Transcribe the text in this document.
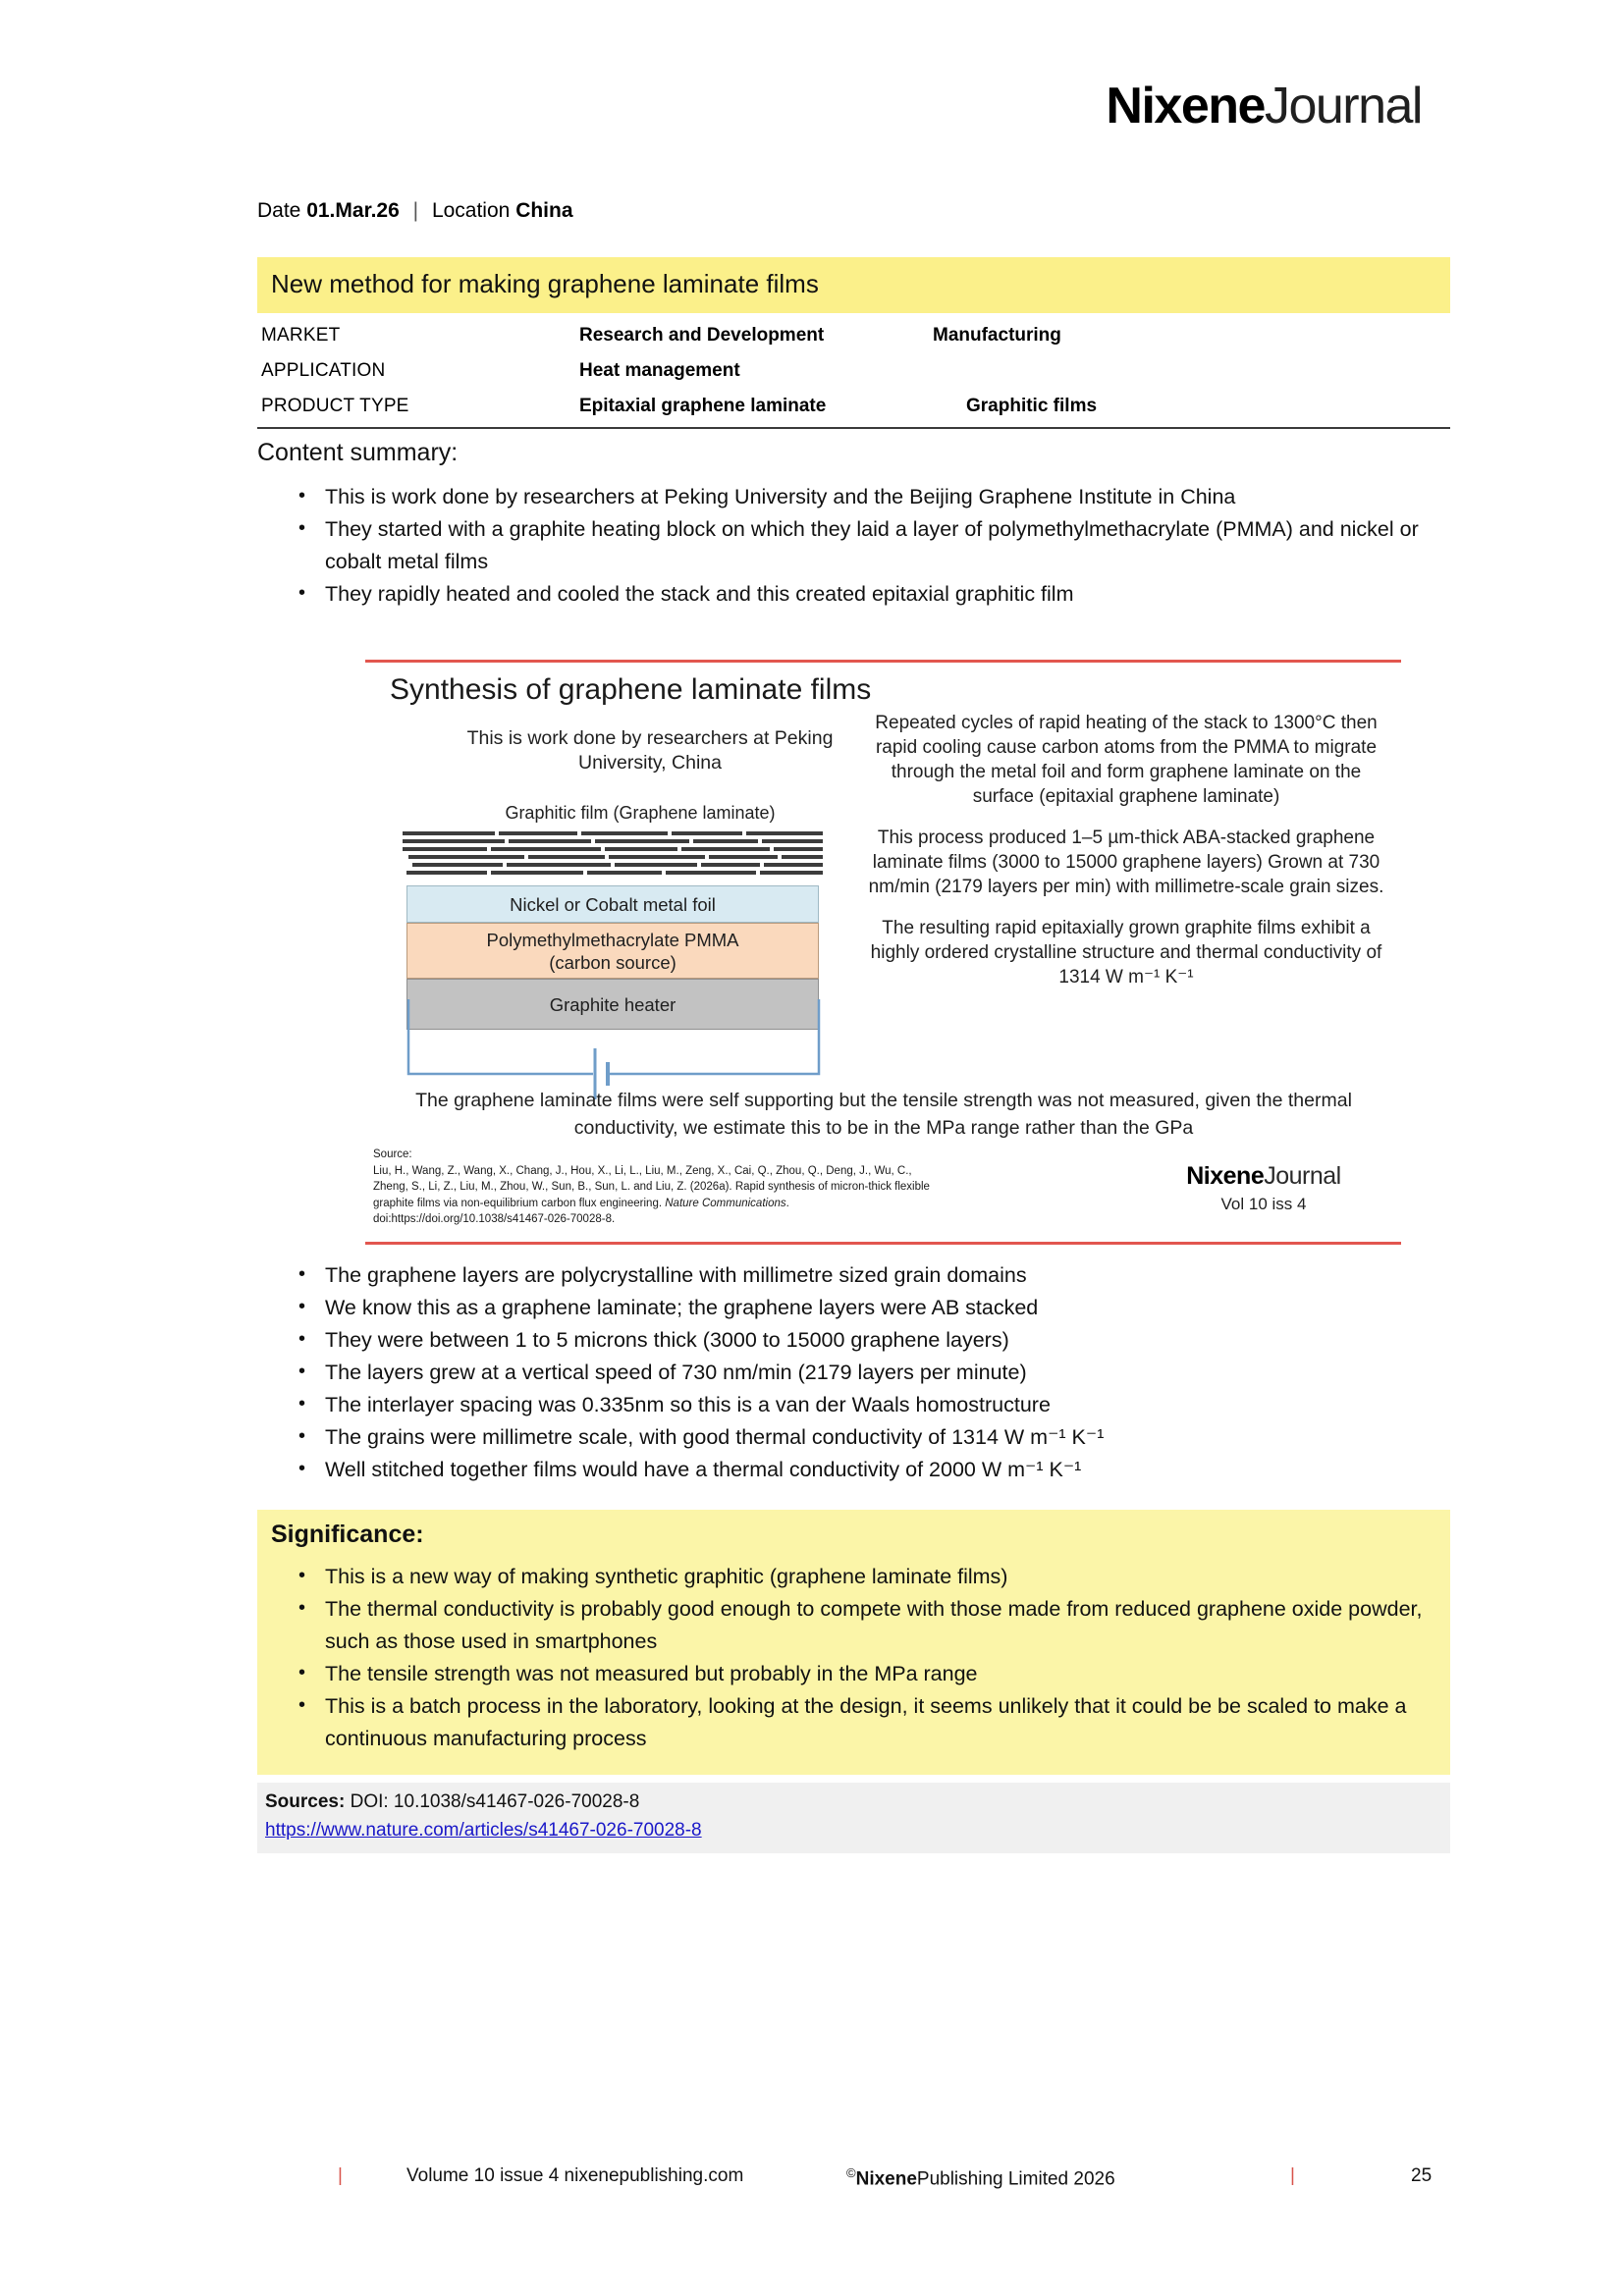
NixeneJournal
Date 01.Mar.26 | Location China
New method for making graphene laminate films
MARKET	Research and Development	Manufacturing
APPLICATION	Heat management
PRODUCT TYPE	Epitaxial graphene laminate	Graphitic films
Content summary:
• This is work done by researchers at Peking University and the Beijing Graphene Institute in China
• They started with a graphite heating block on which they laid a layer of polymethylmethacrylate (PMMA) and nickel or cobalt metal films
• They rapidly heated and cooled the stack and this created epitaxial graphitic film
Synthesis of graphene laminate films
This is work done by researchers at Peking University, China
Graphitic film (Graphene laminate)
Nickel or Cobalt metal foil
Polymethylmethacrylate PMMA
(carbon source)
Graphite heater

Repeated cycles of rapid heating of the stack to 1300°C then rapid cooling cause carbon atoms from the PMMA to migrate through the metal foil and form graphene laminate on the surface (epitaxial graphene laminate)

This process produced 1–5 µm-thick ABA-stacked graphene laminate films (3000 to 15000 graphene layers) Grown at 730 nm/min (2179 layers per min) with millimetre-scale grain sizes.

The resulting rapid epitaxially grown graphite films exhibit a highly ordered crystalline structure and thermal conductivity of 1314 W m⁻¹ K⁻¹

The graphene laminate films were self supporting but the tensile strength was not measured, given the thermal conductivity, we estimate this to be in the MPa range rather than the GPa
Source:
Liu, H., Wang, Z., Wang, X., Chang, J., Hou, X., Li, L., Liu, M., Zeng, X., Cai, Q., Zhou, Q., Deng, J., Wu, C.,
Zheng, S., Li, Z., Liu, M., Zhou, W., Sun, B., Sun, L. and Liu, Z. (2026a). Rapid synthesis of micron-thick flexible
graphite films via non-equilibrium carbon flux engineering. Nature Communications.
doi:https://doi.org/10.1038/s41467-026-70028-8.
NixeneJournal
Vol 10 iss 4
• The graphene layers are polycrystalline with millimetre sized grain domains
• We know this as a graphene laminate; the graphene layers were AB stacked
• They were between 1 to 5 microns thick (3000 to 15000 graphene layers)
• The layers grew at a vertical speed of 730 nm/min (2179 layers per minute)
• The interlayer spacing was 0.335nm so this is a van der Waals homostructure
• The grains were millimetre scale, with good thermal conductivity of 1314 W m⁻¹ K⁻¹
• Well stitched together films would have a thermal conductivity of 2000 W m⁻¹ K⁻¹
Significance:
• This is a new way of making synthetic graphitic (graphene laminate films)
• The thermal conductivity is probably good enough to compete with those made from reduced graphene oxide powder, such as those used in smartphones
• The tensile strength was not measured but probably in the MPa range
• This is a batch process in the laboratory, looking at the design, it seems unlikely that it could be be scaled to make a continuous manufacturing process
Sources: DOI: 10.1038/s41467-026-70028-8
https://www.nature.com/articles/s41467-026-70028-8
|	Volume 10 issue 4 nixenepublishing.com	©NixenePublishing Limited 2026	|	25
